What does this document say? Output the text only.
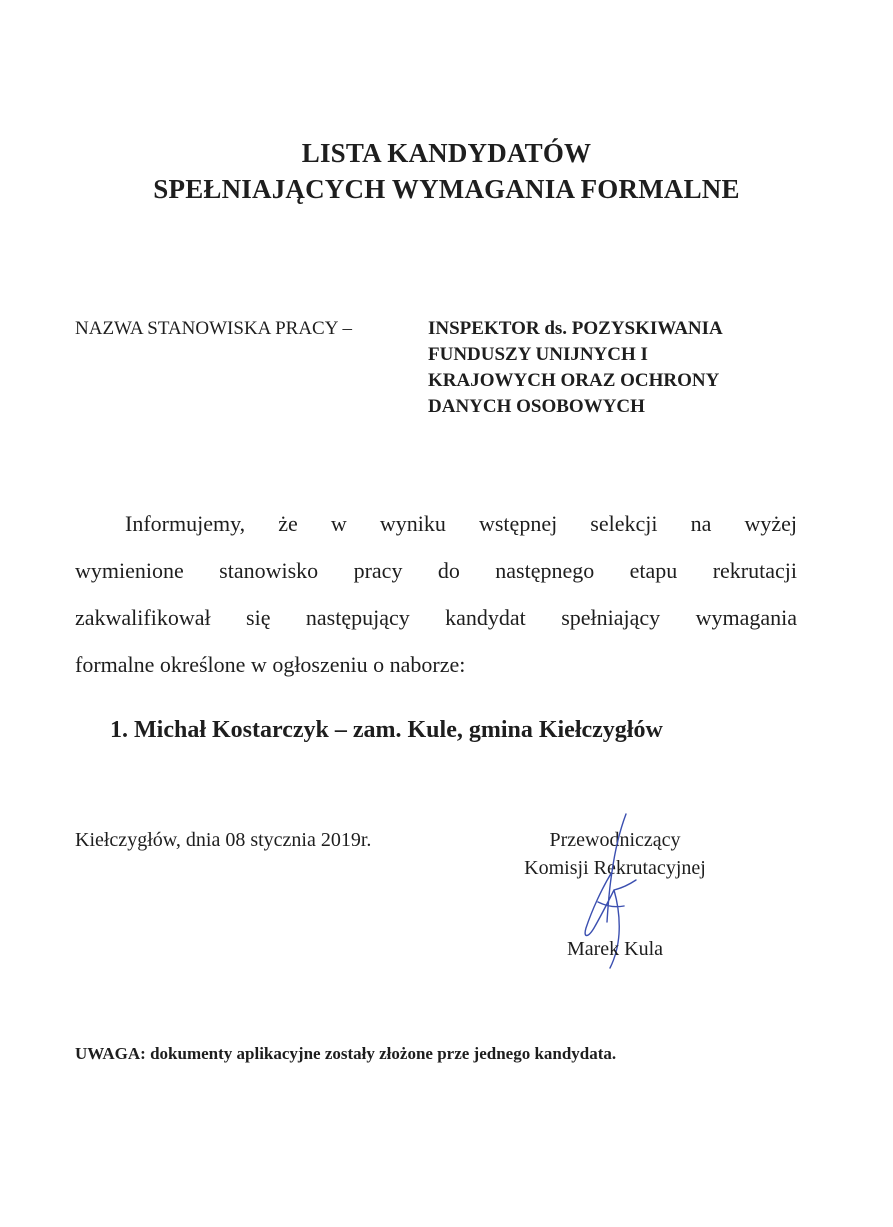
LISTA KANDYDATÓW
SPEŁNIAJĄCYCH WYMAGANIA FORMALNE
NAZWA STANOWISKA PRACY –	INSPEKTOR ds. POZYSKIWANIA
FUNDUSZY UNIJNYCH I
KRAJOWYCH ORAZ OCHRONY
DANYCH OSOBOWYCH
Informujemy, że w wyniku wstępnej selekcji na wyżej
wymienione stanowisko pracy do następnego etapu rekrutacji
zakwalifikował się następujący kandydat spełniający wymagania
formalne określone w ogłoszeniu o naborze:
1. Michał Kostarczyk – zam. Kule, gmina Kiełczygłów
Kiełczygłów, dnia 08 stycznia 2019r.	Przewodniczący
Komisji Rekrutacyjnej
Marek Kula
UWAGA: dokumenty aplikacyjne zostały złożone prze jednego kandydata.
